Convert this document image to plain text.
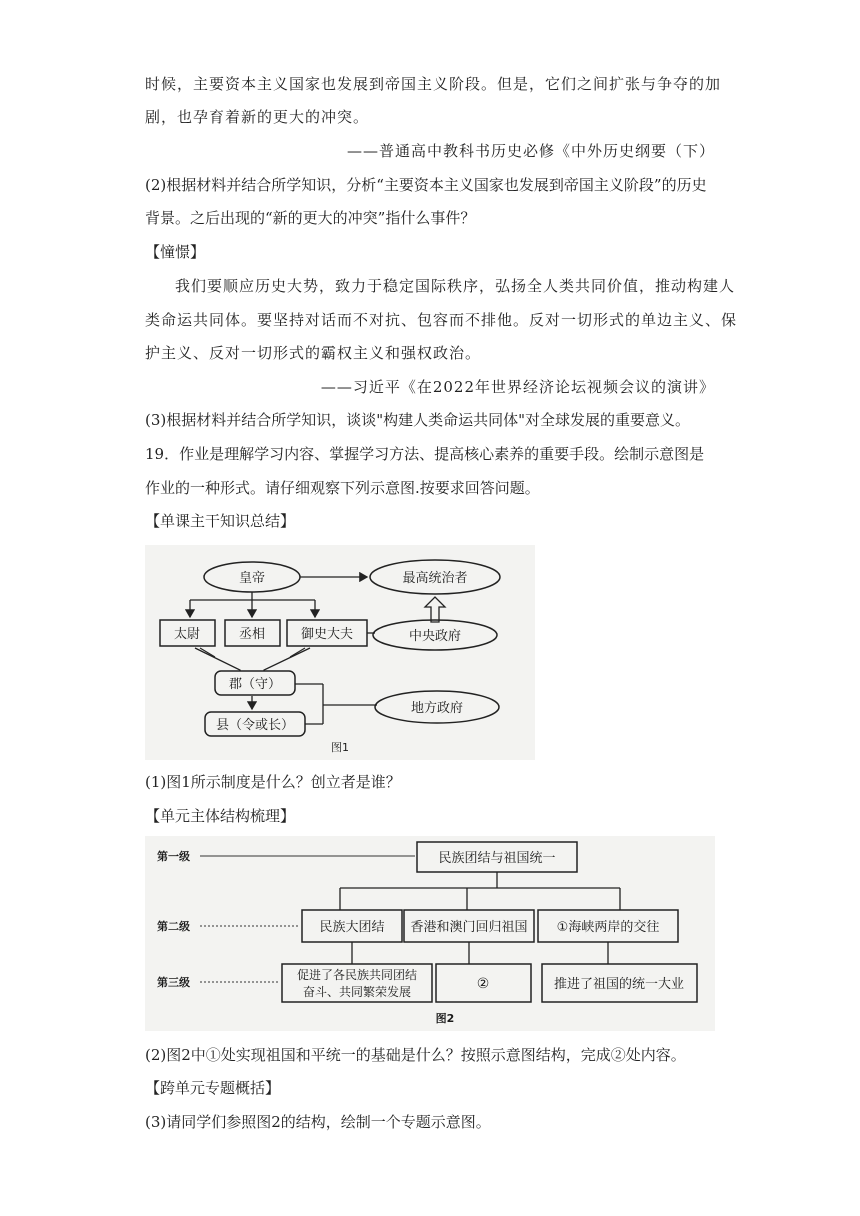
时候，主要资本主义国家也发展到帝国主义阶段。但是，它们之间扩张与争夺的加
剧，也孕育着新的更大的冲突。
——普通高中教科书历史必修《中外历史纲要（下）
(2)根据材料并结合所学知识，分析“主要资本主义国家也发展到帝国主义阶段”的历史
背景。之后出现的“新的更大的冲突”指什么事件？
【憧憬】
我们要顺应历史大势，致力于稳定国际秩序，弘扬全人类共同价值，推动构建人
类命运共同体。要坚持对话而不对抗、包容而不排他。反对一切形式的单边主义、保
护主义、反对一切形式的霸权主义和强权政治。
——习近平《在2022年世界经济论坛视频会议的演讲》
(3)根据材料并结合所学知识，谈谈"构建人类命运共同体"对全球发展的重要意义。
19．作业是理解学习内容、掌握学习方法、提高核心素养的重要手段。绘制示意图是
作业的一种形式。请仔细观察下列示意图.按要求回答问题。
【单课主干知识总结】
皇帝	最高统治者
太尉	丞相	御史大夫	中央政府
郡（守）
县（令或长）
地方政府
图1
(1)图1所示制度是什么？创立者是谁？
【单元主体结构梳理】
第一级
第二级
第三级
民族团结与祖国统一
民族大团结 香港和澳门回归祖国 ①海峡两岸的交往
促进了各民族共同团结
奋斗、共同繁荣发展	②	推进了祖国的统一大业
图2
(2)图2中①处实现祖国和平统一的基础是什么？按照示意图结构，完成②处内容。
【跨单元专题概括】
(3)请同学们参照图2的结构，绘制一个专题示意图。
